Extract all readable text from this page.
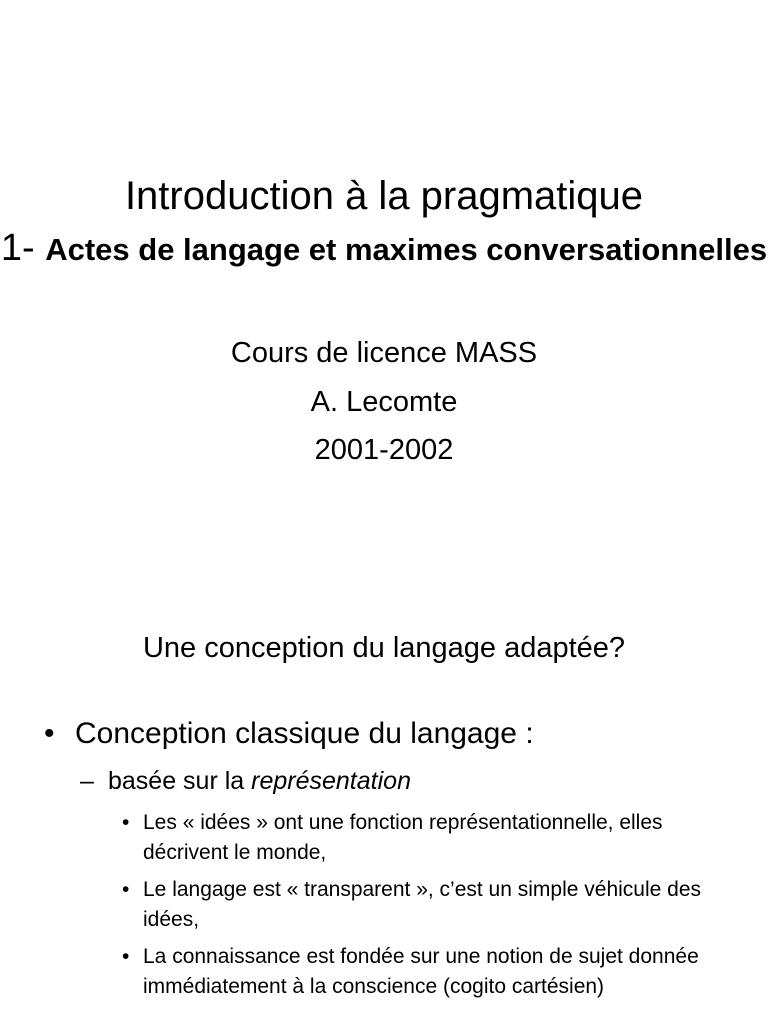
Introduction à la pragmatique
1- Actes de langage et maximes conversationnelles
Cours de licence MASS
A. Lecomte
2001-2002
Une conception du langage adaptée?
• Conception classique du langage :
– basée sur la représentation
• Les « idées » ont une fonction représentationnelle, elles décrivent le monde,
• Le langage est « transparent », c’est un simple véhicule des idées,
• La connaissance est fondée sur une notion de sujet donnée immédiatement à la conscience (cogito cartésien)
